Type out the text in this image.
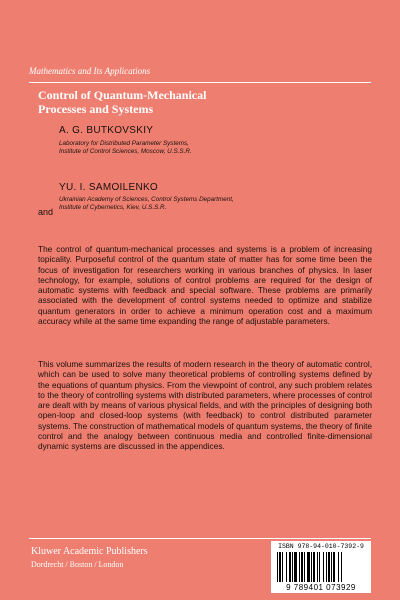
Mathematics and Its Applications
Control of Quantum-Mechanical
Processes and Systems
A. G. BUTKOVSKIY
Laboratory for Distributed Parameter Systems,
Institute of Control Sciences, Moscow, U.S.S.R.
and
YU. I. SAMOILENKO
Ukrainian Academy of Sciences, Control Systems Department,
Institute of Cybernetics, Kiev, U.S.S.R.
The control of quantum-mechanical processes and systems is a problem of increasing topicality. Purposeful control of the quantum state of matter has for some time been the focus of investigation for researchers working in various branches of physics. In laser technology, for example, solutions of control problems are required for the design of automatic systems with feedback and special software. These problems are primarily associated with the development of control systems needed to optimize and stabilize quantum generators in order to achieve a minimum operation cost and a maximum accuracy while at the same time expanding the range of adjustable parameters.
This volume summarizes the results of modern research in the theory of automatic control, which can be used to solve many theoretical problems of controlling systems defined by the equations of quantum physics. From the viewpoint of control, any such problem relates to the theory of controlling systems with distributed parameters, where processes of control are dealt with by means of various physical fields, and with the principles of designing both open-loop and closed-loop systems (with feedback) to control distributed parameter systems. The construction of mathematical models of quantum systems, the theory of finite control and the analogy between continuous media and controlled finite-dimensional dynamic systems are discussed in the appendices.
Kluwer Academic Publishers
Dordrecht / Boston / London
ISBN 978-94-010-7392-9
9 789401 073929
